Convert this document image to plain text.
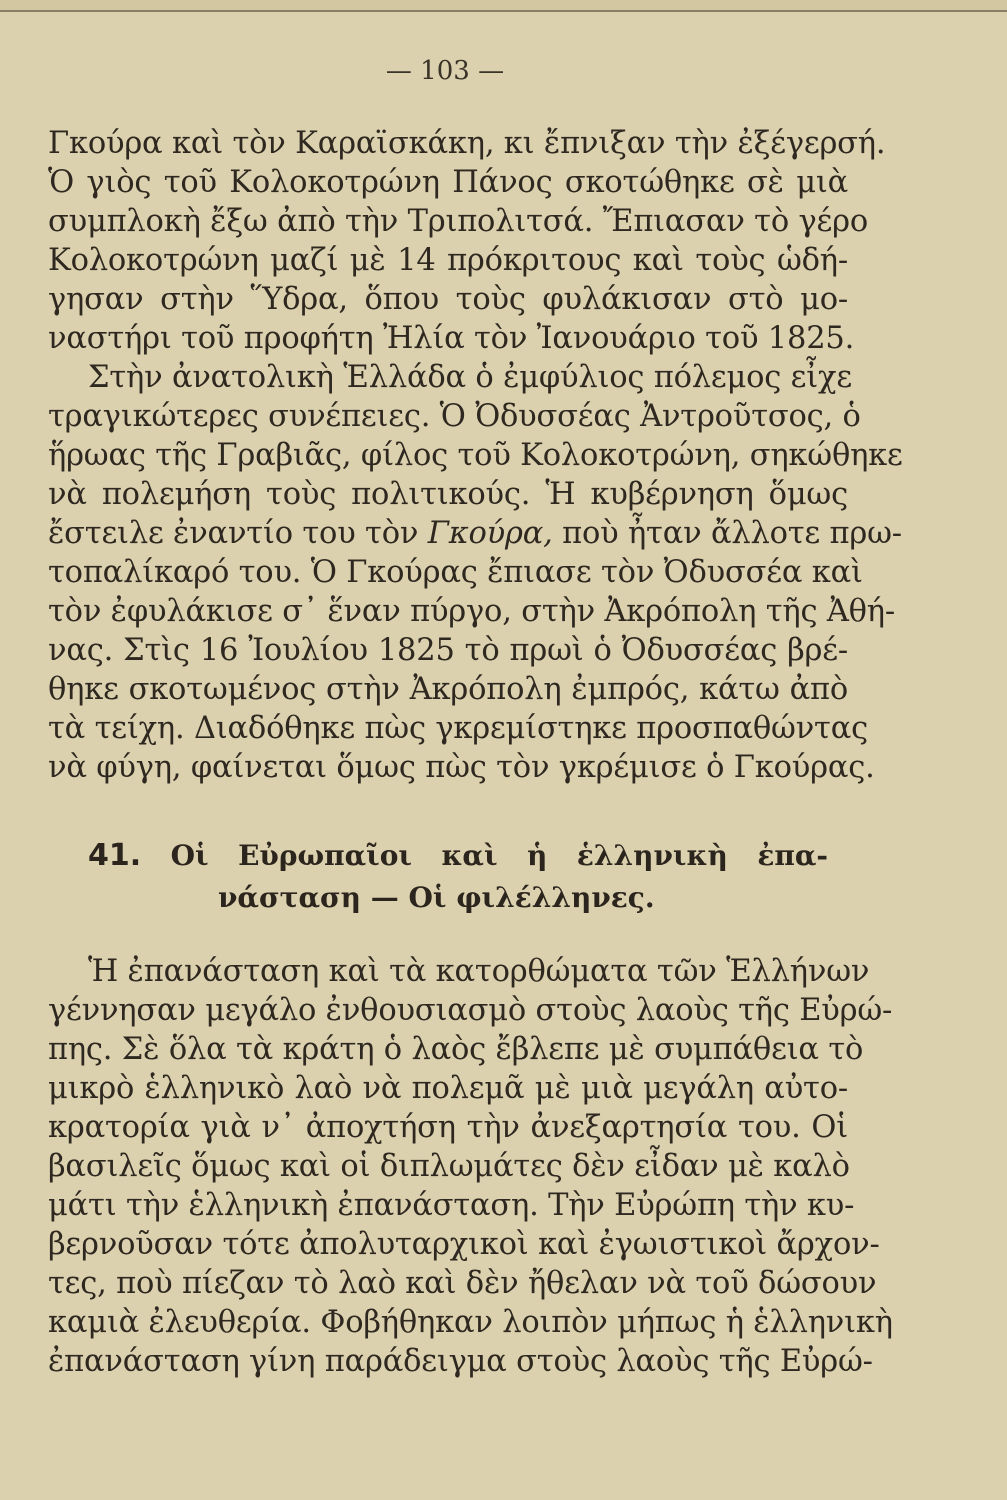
— 103 —
Γκούρα καὶ τὸν Καραϊσκάκη, κι ἔπνιξαν τὴν ἐξέγερσή.
Ὁ γιὸς τοῦ Κολοκοτρώνη Πάνος σκοτώθηκε σὲ μιὰ
συμπλοκὴ ἔξω ἀπὸ τὴν Τριπολιτσά. Ἔπιασαν τὸ γέρο
Κολοκοτρώνη μαζί μὲ 14 πρόκριτους καὶ τοὺς ὡδή-
γησαν στὴν Ὕδρα, ὅπου τοὺς φυλάκισαν στὸ μο-
ναστήρι τοῦ προφήτη Ἠλία τὸν Ἰανουάριο τοῦ 1825.
Στὴν ἀνατολικὴ Ἑλλάδα ὁ ἐμφύλιος πόλεμος εἶχε
τραγικώτερες συνέπειες. Ὁ Ὀδυσσέας Ἀντροῦτσος, ὁ
ἥρωας τῆς Γραβιᾶς, φίλος τοῦ Κολοκοτρώνη, σηκώθηκε
νὰ πολεμήση τοὺς πολιτικούς. Ἡ κυβέρνηση ὅμως
ἔστειλε ἐναντίο του τὸν Γκούρα, ποὺ ἦταν ἄλλοτε πρω-
τοπαλίκαρό του. Ὁ Γκούρας ἔπιασε τὸν Ὀδυσσέα καὶ
τὸν ἐφυλάκισε σ᾽ ἕναν πύργο, στὴν Ἀκρόπολη τῆς Ἀθή-
νας. Στὶς 16 Ἰουλίου 1825 τὸ πρωὶ ὁ Ὀδυσσέας βρέ-
θηκε σκοτωμένος στὴν Ἀκρόπολη ἐμπρός, κάτω ἀπὸ
τὰ τείχη. Διαδόθηκε πὼς γκρεμίστηκε προσπαθώντας
νὰ φύγη, φαίνεται ὅμως πὼς τὸν γκρέμισε ὁ Γκούρας.
41. Οἱ Εὐρωπαῖοι καὶ ἡ ἑλληνικὴ ἐπα-
νάσταση — Οἱ φιλέλληνες.
Ἡ ἐπανάσταση καὶ τὰ κατορθώματα τῶν Ἑλλήνων
γέννησαν μεγάλο ἐνθουσιασμὸ στοὺς λαοὺς τῆς Εὐρώ-
πης. Σὲ ὅλα τὰ κράτη ὁ λαὸς ἔβλεπε μὲ συμπάθεια τὸ
μικρὸ ἑλληνικὸ λαὸ νὰ πολεμᾶ μὲ μιὰ μεγάλη αὐτο-
κρατορία γιὰ ν᾽ ἀποχτήση τὴν ἀνεξαρτησία του. Οἱ
βασιλεῖς ὅμως καὶ οἱ διπλωμάτες δὲν εἶδαν μὲ καλὸ
μάτι τὴν ἑλληνικὴ ἐπανάσταση. Τὴν Εὐρώπη τὴν κυ-
βερνοῦσαν τότε ἀπολυταρχικοὶ καὶ ἐγωιστικοὶ ἄρχον-
τες, ποὺ πίεζαν τὸ λαὸ καὶ δὲν ἤθελαν νὰ τοῦ δώσουν
καμιὰ ἐλευθερία. Φοβήθηκαν λοιπὸν μήπως ἡ ἑλληνικὴ
ἐπανάσταση γίνη παράδειγμα στοὺς λαοὺς τῆς Εὐρώ-
